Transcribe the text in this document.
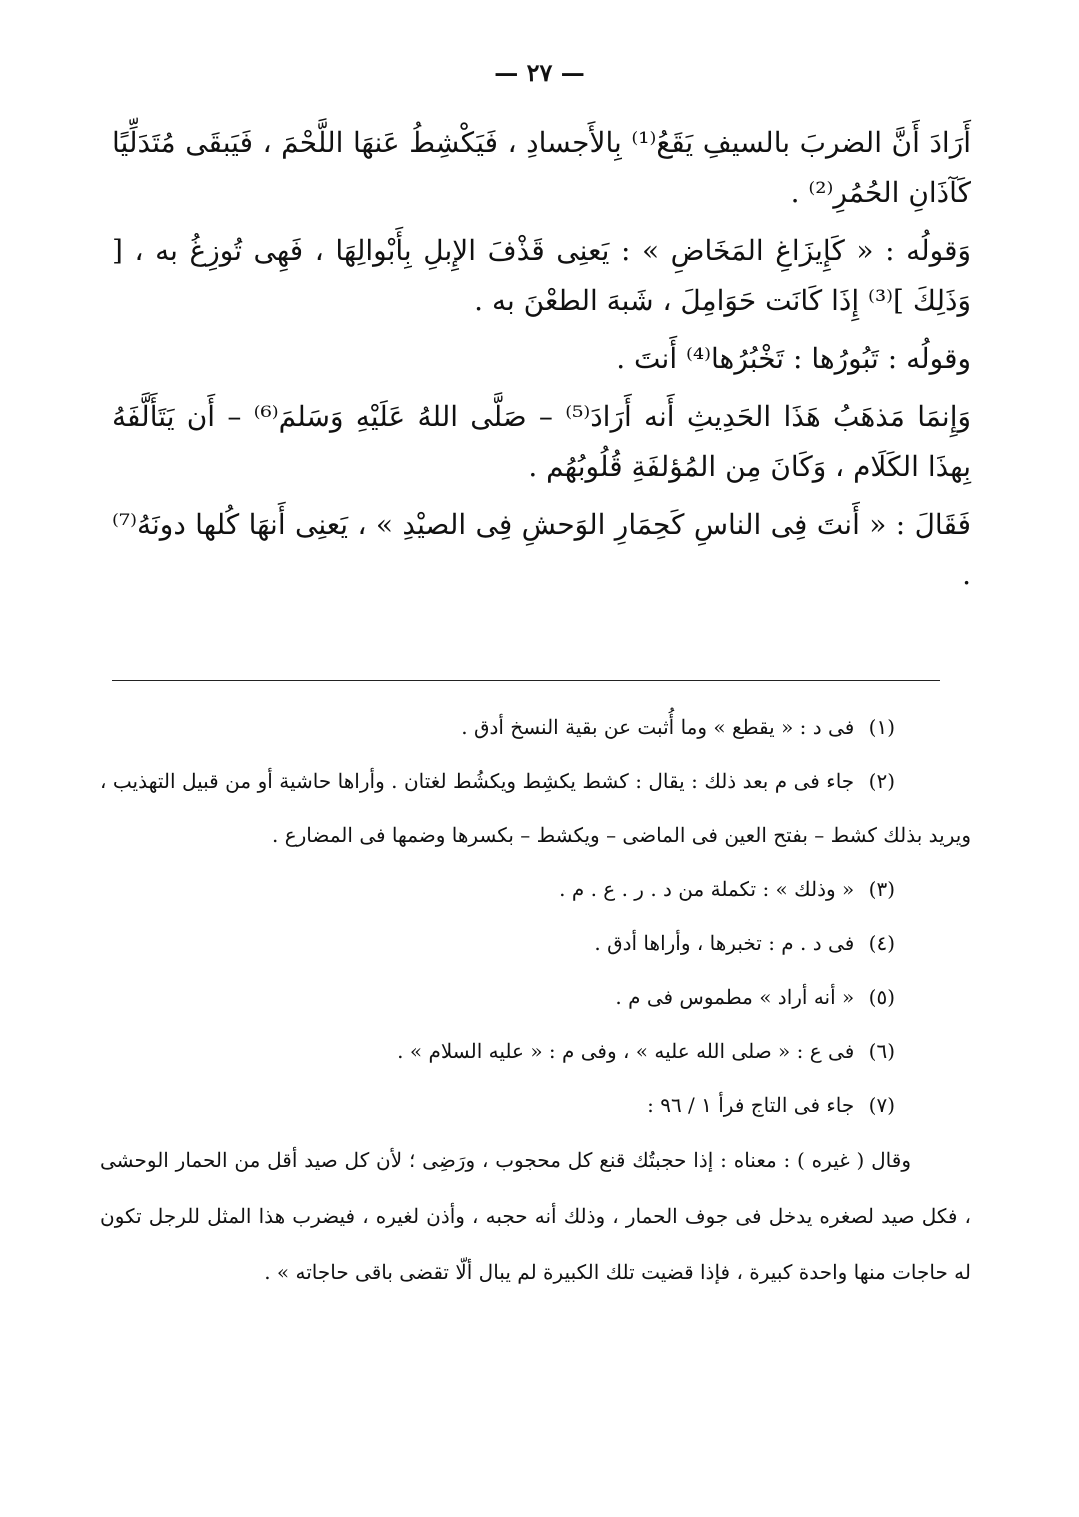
— ٢٧ —

أَرَادَ أَنَّ الضربَ بالسيفِ يَقَعُ⁽¹⁾ بِالأَجسادِ ، فَيَكْشِطُ عَنهَا اللَّحْمَ ، فَيَبقَى مُتَدَلِّيًا كَآذَانِ الحُمُرِ⁽²⁾ .

وَقولُه : « كَإِيزَاغِ المَخَاضِ » : يَعنِى قَذْفَ الإِبلِ بِأَبْوالِهَا ، فَهِى تُوزِغُ به ، [ وَذَلِكَ ]⁽³⁾ إِذَا كَانَت حَوَامِلَ ، شَبهَ الطعْنَ به .

وقولُه : تَبُورُها : تَخْبُرُها⁽⁴⁾ أَنتَ .

وَإِنمَا مَذهَبُ هَذَا الحَدِيثِ أَنه أَرَادَ⁽⁵⁾ – صَلَّى اللهُ عَلَيْهِ وَسَلمَ⁽⁶⁾ – أَن يَتَأَلَّفَهُ بِهذَا الكَلَام ، وَكَانَ مِن المُؤلفَةِ قُلُوبُهُم .

فَقَالَ : « أَنتَ فِى الناسِ كَحِمَارِ الوَحشِ فِى الصيْدِ » ، يَعنِى أَنهَا كُلها دونَهُ⁽⁷⁾ .

(١) فى د : « يقطع » وما أُثبت عن بقية النسخ أدق .

(٢) جاء فى م بعد ذلك : يقال : كشط يكشِط ويكشُط لغتان . وأراها حاشية أو من قبيل التهذيب ، ويريد بذلك كشط – بفتح العين فى الماضى – ويكشط – بكسرها وضمها فى المضارع .

(٣) « وذلك » : تكملة من د . ر . ع . م .

(٤) فى د . م : تخبرها ، وأراها أدق .

(٥) « أنه أراد » مطموس فى م .

(٦) فى ع : « صلى الله عليه » ، وفى م : « عليه السلام » .

(٧) جاء فى التاج فرأ ١ / ٩٦ :

وقال ( غيره ) : معناه : إذا حجبتُك قنع كل محجوب ، ورَضِى ؛ لأن كل صيد أقل من الحمار الوحشى ، فكل صيد لصغره يدخل فى جوف الحمار ، وذلك أنه حجبه ، وأذن لغيره ، فيضرب هذا المثل للرجل تكون له حاجات منها واحدة كبيرة ، فإذا قضيت تلك الكبيرة لم يبال ألّا تقضى باقى حاجاته » .
